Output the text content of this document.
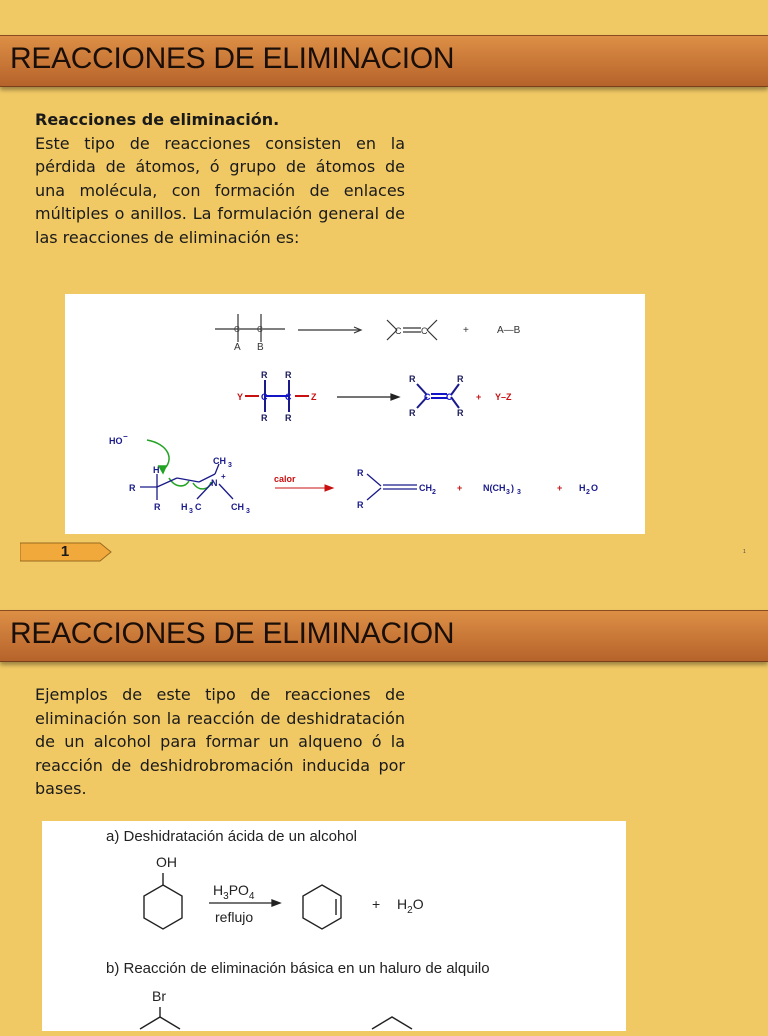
REACCIONES DE ELIMINACION
Reacciones de eliminación.
Este tipo de reacciones consisten en la pérdida de átomos, ó grupo de átomos de una molécula, con formación de enlaces múltiples o anillos. La formulación general de las reacciones de eliminación es:
A B
C C	C C	+	A—B
R R
R R
Y C C Z
R
R
C C
R
R
+ Y–Z
HO −
H
R
R H 3 C
CH 3
N
+
CH 3
calor
R
R
CH 2 + N(CH 3 ) 3	+ H 2 O
1	1
REACCIONES DE ELIMINACION
Ejemplos de este tipo de reacciones de eliminación son la reacción de deshidratación de un alcohol para formar un alqueno ó la reacción de deshidrobromación inducida por bases.
a) Deshidratación ácida de un alcohol
OH
$H_3PO_4$
reflujo
+ $H_2O$
b) Reacción de eliminación básica en un haluro de alquilo
Br
